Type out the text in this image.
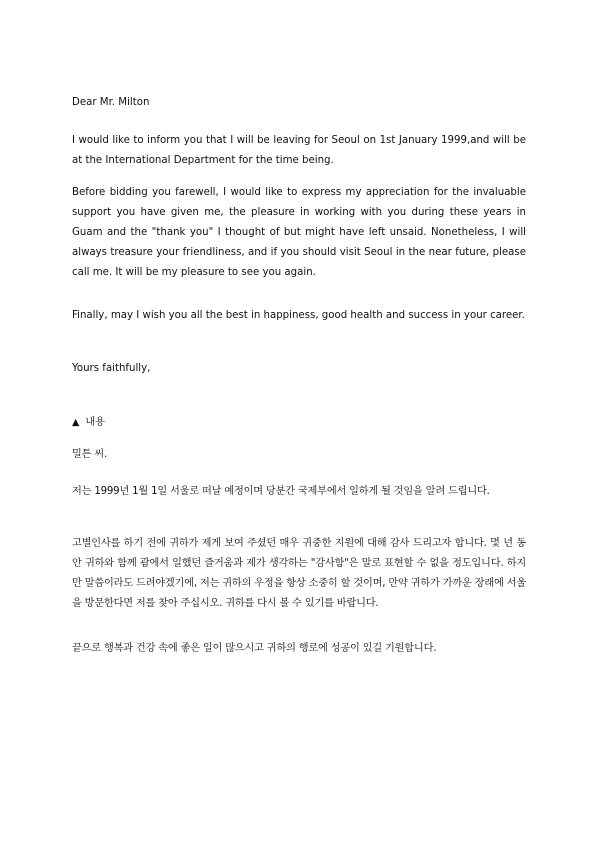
Dear Mr. Milton

I would like to inform you that I will be leaving for Seoul on 1st January 1999,and will be at the International Department for the time being.

Before bidding you farewell, I would like to express my appreciation for the invaluable support you have given me, the pleasure in working with you during these years in Guam and the "thank you" I thought of but might have left unsaid. Nonetheless, I will always treasure your friendliness, and if you should visit Seoul in the near future, please call me. It will be my pleasure to see you again.

Finally, may I wish you all the best in happiness, good health and success in your career.

Yours faithfully,

▲ 내용

밀튼 씨.

저는 1999년 1월 1일 서울로 떠날 예정이며 당분간 국제부에서 일하게 될 것임을 알려 드립니다.

고별인사를 하기 전에 귀하가 제게 보여 주셨던 매우 귀중한 지원에 대해 감사 드리고자 합니다. 몇 년 동안 귀하와 함께 괌에서 일했던 즐거움과 제가 생각하는 "감사함"은 말로 표현할 수 없을 정도입니다. 하지만 말씀이라도 드려야겠기에, 저는 귀하의 우정을 항상 소중히 할 것이며, 만약 귀하가 가까운 장래에 서울을 방문한다면 저를 찾아 주십시오. 귀하를 다시 볼 수 있기를 바랍니다.

끝으로 행복과 건강 속에 좋은 일이 많으시고 귀하의 행로에 성공이 있길 기원합니다.
